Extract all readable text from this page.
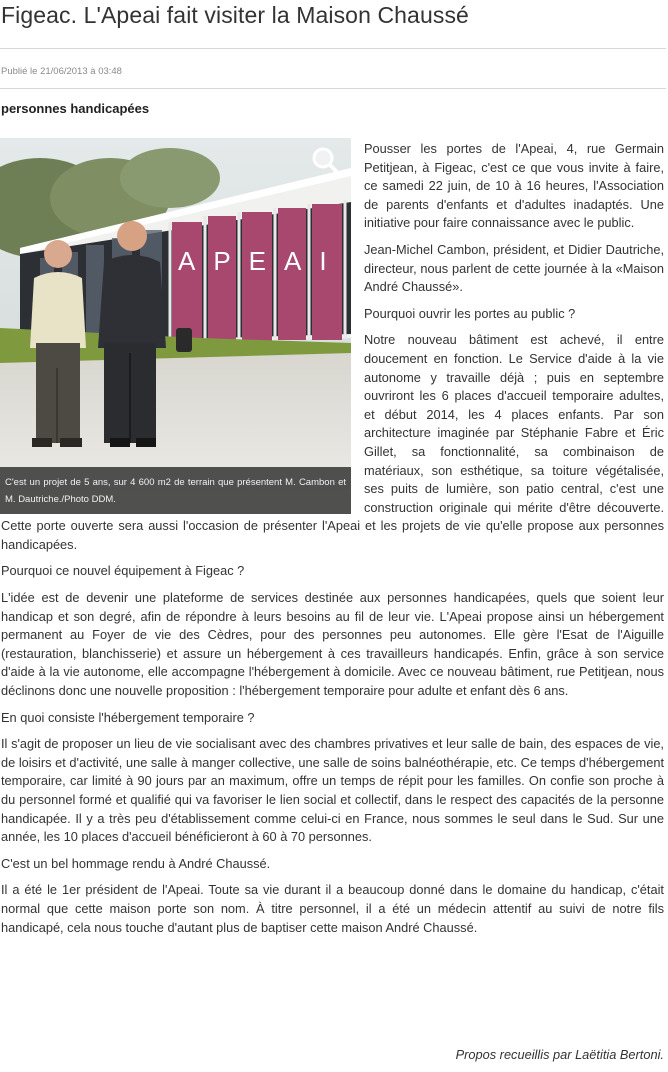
Figeac. L'Apeai fait visiter la Maison Chaussé
Publié le 21/06/2013 à 03:48
personnes handicapées
APEAI
C'est un projet de 5 ans, sur 4 600 m2 de terrain que présentent M. Cambon et M. Dautriche./Photo DDM.

Pousser les portes de l'Apeai, 4, rue Germain Petitjean, à Figeac, c'est ce que vous invite à faire, ce samedi 22 juin, de 10 à 16 heures, l'Association de parents d'enfants et d'adultes inadaptés. Une initiative pour faire connaissance avec le public.

Jean-Michel Cambon, président, et Didier Dautriche, directeur, nous parlent de cette journée à la «Maison André Chaussé».

Pourquoi ouvrir les portes au public ?

Notre nouveau bâtiment est achevé, il entre doucement en fonction. Le Service d'aide à la vie autonome y travaille déjà ; puis en septembre ouvriront les 6 places d'accueil temporaire adultes, et début 2014, les 4 places enfants. Par son architecture imaginée par Stéphanie Fabre et Éric Gillet, sa fonctionnalité, sa combinaison de matériaux, son esthétique, sa toiture végétalisée, ses puits de lumière, son patio central, c'est une construction originale qui mérite d'être découverte. Cette porte ouverte sera aussi l'occasion de présenter l'Apeai et les projets de vie qu'elle propose aux personnes handicapées.

Pourquoi ce nouvel équipement à Figeac ?

L'idée est de devenir une plateforme de services destinée aux personnes handicapées, quels que soient leur handicap et son degré, afin de répondre à leurs besoins au fil de leur vie. L'Apeai propose ainsi un hébergement permanent au Foyer de vie des Cèdres, pour des personnes peu autonomes. Elle gère l'Esat de l'Aiguille (restauration, blanchisserie) et assure un hébergement à ces travailleurs handicapés. Enfin, grâce à son service d'aide à la vie autonome, elle accompagne l'hébergement à domicile. Avec ce nouveau bâtiment, rue Petitjean, nous déclinons donc une nouvelle proposition : l'hébergement temporaire pour adulte et enfant dès 6 ans.

En quoi consiste l'hébergement temporaire ?

Il s'agit de proposer un lieu de vie socialisant avec des chambres privatives et leur salle de bain, des espaces de vie, de loisirs et d'activité, une salle à manger collective, une salle de soins balnéothérapie, etc. Ce temps d'hébergement temporaire, car limité à 90 jours par an maximum, offre un temps de répit pour les familles. On confie son proche à du personnel formé et qualifié qui va favoriser le lien social et collectif, dans le respect des capacités de la personne handicapée. Il y a très peu d'établissement comme celui-ci en France, nous sommes le seul dans le Sud. Sur une année, les 10 places d'accueil bénéficieront à 60 à 70 personnes.

C'est un bel hommage rendu à André Chaussé.

Il a été le 1er président de l'Apeai. Toute sa vie durant il a beaucoup donné dans le domaine du handicap, c'était normal que cette maison porte son nom. À titre personnel, il a été un médecin attentif au suivi de notre fils handicapé, cela nous touche d'autant plus de baptiser cette maison André Chaussé.

Propos recueillis par Laëtitia Bertoni.
